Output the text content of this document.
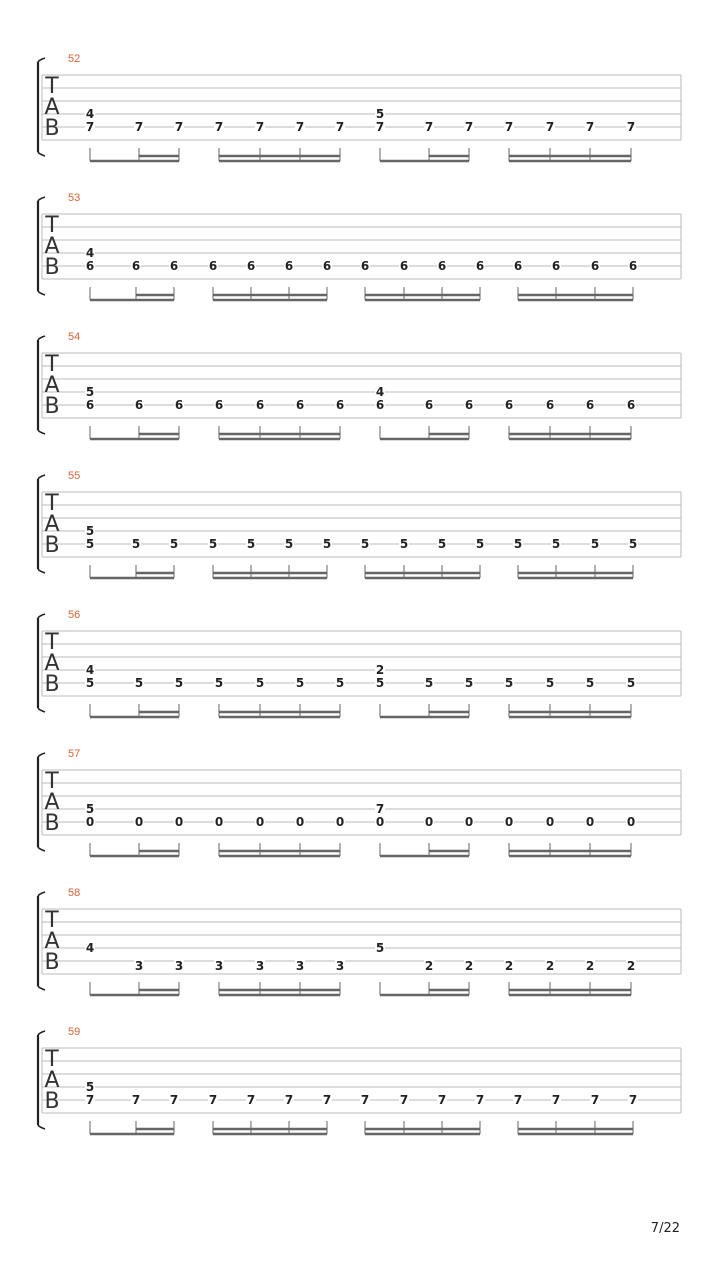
52
T
A
B
4
7	7	7	7	7	7	7
5
7	7	7	7	7	7	7
53
T
A
B
4
6	6 6	6 6 6 6 6	6 6 6 6 6	6 6
54
T
A
B
5
6	6	6	6	6	6	6
4
6	6	6	6	6	6	6
55
T
A
B
5
5	5 5	5 5 5 5 5	5 5 5 5 5	5 5
56
T
A
B
4
5	5	5	5	5	5	5
2
5	5	5	5	5	5	5
57
T
A
B
5
0	0	0	0	0	0	0
7
0	0	0	0	0	0	0
58
T
A
B
4
3	3	3	3	3	3
5
2	2	2	2	2	2
59
T
A
B
5
7	7 7	7 7 7 7 7	7 7 7 7 7	7 7
7/22
